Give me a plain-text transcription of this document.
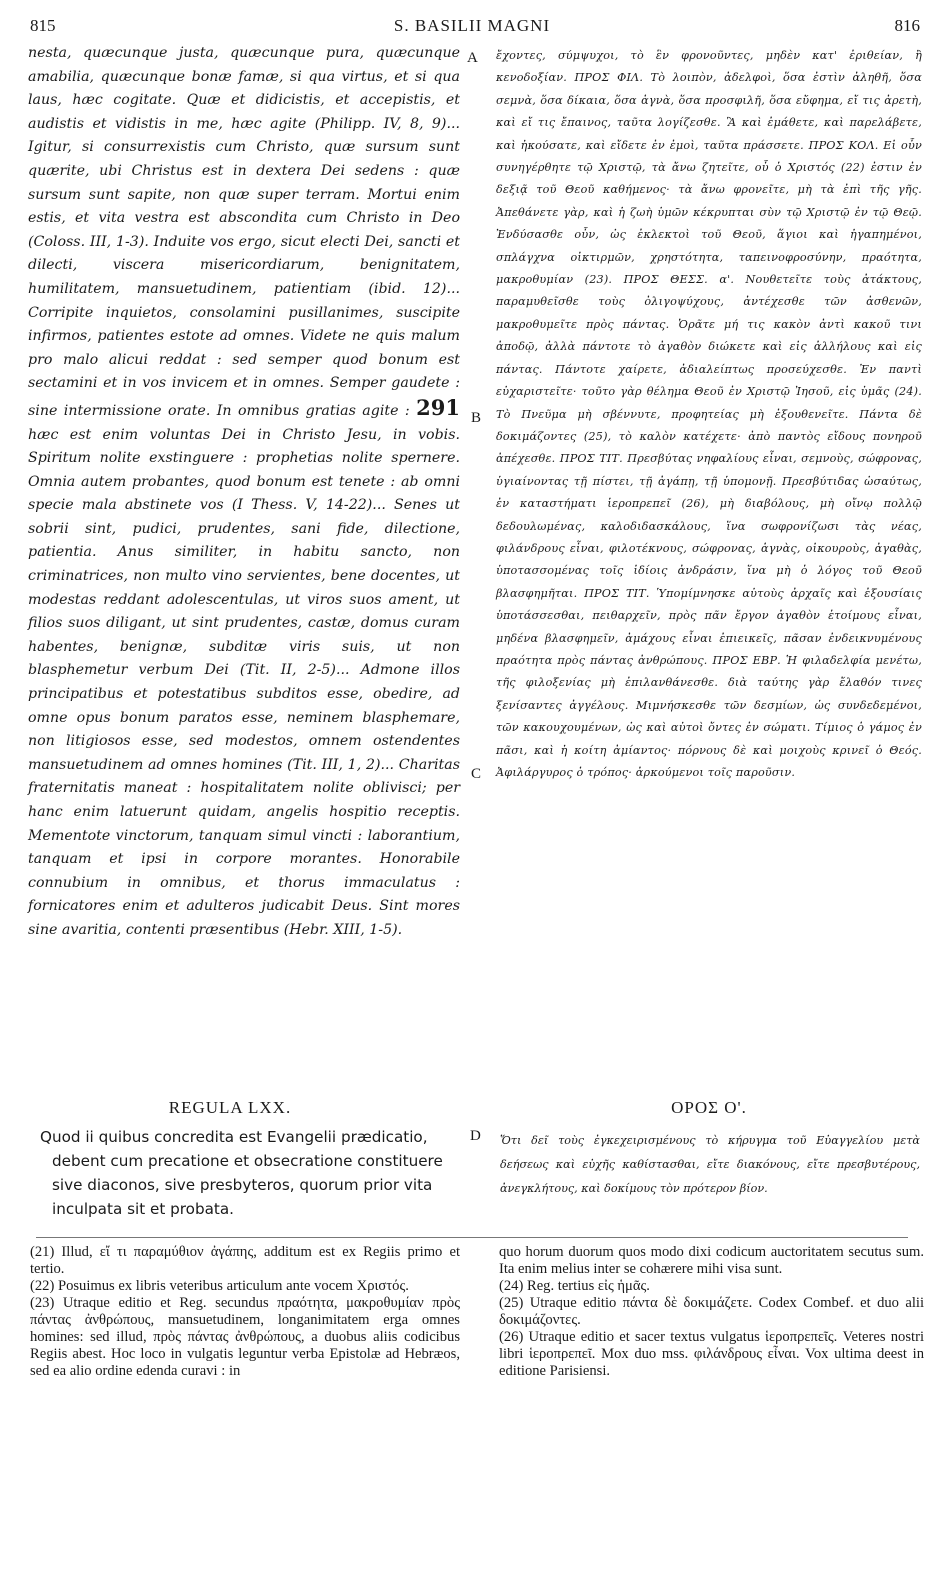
815	S. BASILII MAGNI	816

nesta, quæcunque justa, quæcunque pura, quæcunque amabilia, quæcunque bonæ famæ, si qua virtus, et si qua laus, hæc cogitate. Quæ et didicistis, et accepistis, et audistis et vidistis in me, hæc agite (Philipp. IV, 8, 9)... Igitur, si consurrexistis cum Christo, quæ sursum sunt quærite, ubi Christus est in dextera Dei sedens : quæ sursum sunt sapite, non quæ super terram. Mortui enim estis, et vita vestra est abscondita cum Christo in Deo (Coloss. III, 1-3). Induite vos ergo, sicut electi Dei, sancti et dilecti, viscera misericordiarum, benignitatem, humilitatem, mansuetudinem, patientiam (ibid. 12)... Corripite inquietos, consolamini pusillanimes, suscipite infirmos, patientes estote ad omnes. Videte ne quis malum pro malo alicui reddat : sed semper quod bonum est sectamini et in vos invicem et in omnes. Semper gaudete : sine intermissione orate. In omnibus gratias agite : 291 hæc est enim voluntas Dei in Christo Jesu, in vobis. Spiritum nolite exstinguere : prophetias nolite spernere. Omnia autem probantes, quod bonum est tenete : ab omni specie mala abstinete vos (I Thess. V, 14-22)... Senes ut sobrii sint, pudici, prudentes, sani fide, dilectione, patientia. Anus similiter, in habitu sancto, non criminatrices, non multo vino servientes, bene docentes, ut modestas reddant adolescentulas, ut viros suos ament, ut filios suos diligant, ut sint prudentes, castæ, domus curam habentes, benignæ, subditæ viris suis, ut non blasphemetur verbum Dei (Tit. II, 2-5)... Admone illos principatibus et potestatibus subditos esse, obedire, ad omne opus bonum paratos esse, neminem blasphemare, non litigiosos esse, sed modestos, omnem ostendentes mansuetudinem ad omnes homines (Tit. III, 1, 2)... Charitas fraternitatis maneat : hospitalitatem nolite oblivisci; per hanc enim latuerunt quidam, angelis hospitio receptis. Mementote vinctorum, tanquam simul vincti : laborantium, tanquam et ipsi in corpore morantes. Honorabile connubium in omnibus, et thorus immaculatus : fornicatores enim et adulteros judicabit Deus. Sint mores sine avaritia, contenti præsentibus (Hebr. XIII, 1-5).

A
B
C
D

ἔχοντες, σύμψυχοι, τὸ ἓν φρονοῦντες, μηδὲν κατ' ἐριθείαν, ἢ κενοδοξίαν. ΠΡΟΣ ΦΙΛ. Τὸ λοιπὸν, ἀδελφοὶ, ὅσα ἐστὶν ἀληθῆ, ὅσα σεμνὰ, ὅσα δίκαια, ὅσα ἁγνὰ, ὅσα προσφιλῆ, ὅσα εὔφημα, εἴ τις ἀρετὴ, καὶ εἴ τις ἔπαινος, ταῦτα λογίζεσθε. Ἃ καὶ ἐμάθετε, καὶ παρελάβετε, καὶ ἠκούσατε, καὶ εἴδετε ἐν ἐμοὶ, ταῦτα πράσσετε. ΠΡΟΣ ΚΟΛ. Εἰ οὖν συνηγέρθητε τῷ Χριστῷ, τὰ ἄνω ζητεῖτε, οὗ ὁ Χριστός (22) ἐστιν ἐν δεξιᾷ τοῦ Θεοῦ καθήμενος· τὰ ἄνω φρονεῖτε, μὴ τὰ ἐπὶ τῆς γῆς. Ἀπεθάνετε γὰρ, καὶ ἡ ζωὴ ὑμῶν κέκρυπται σὺν τῷ Χριστῷ ἐν τῷ Θεῷ. Ἐνδύσασθε οὖν, ὡς ἐκλεκτοὶ τοῦ Θεοῦ, ἅγιοι καὶ ἠγαπημένοι, σπλάγχνα οἰκτιρμῶν, χρηστότητα, ταπεινοφροσύνην, πραότητα, μακροθυμίαν (23). ΠΡΟΣ ΘΕΣΣ. α'. Νουθετεῖτε τοὺς ἀτάκτους, παραμυθεῖσθε τοὺς ὀλιγοψύχους, ἀντέχεσθε τῶν ἀσθενῶν, μακροθυμεῖτε πρὸς πάντας. Ὁρᾶτε μή τις κακὸν ἀντὶ κακοῦ τινι ἀποδῷ, ἀλλὰ πάντοτε τὸ ἀγαθὸν διώκετε καὶ εἰς ἀλλήλους καὶ εἰς πάντας. Πάντοτε χαίρετε, ἀδιαλείπτως προσεύχεσθε. Ἐν παντὶ εὐχαριστεῖτε· τοῦτο γὰρ θέλημα Θεοῦ ἐν Χριστῷ Ἰησοῦ, εἰς ὑμᾶς (24). Τὸ Πνεῦμα μὴ σβέννυτε, προφητείας μὴ ἐξουθενεῖτε. Πάντα δὲ δοκιμάζοντες (25), τὸ καλὸν κατέχετε· ἀπὸ παντὸς εἴδους πονηροῦ ἀπέχεσθε. ΠΡΟΣ ΤΙΤ. Πρεσβύτας νηφαλίους εἶναι, σεμνοὺς, σώφρονας, ὑγιαίνοντας τῇ πίστει, τῇ ἀγάπῃ, τῇ ὑπομονῇ. Πρεσβύτιδας ὡσαύτως, ἐν καταστήματι ἱεροπρεπεῖ (26), μὴ διαβόλους, μὴ οἴνῳ πολλῷ δεδουλωμένας, καλοδιδασκάλους, ἵνα σωφρονίζωσι τὰς νέας, φιλάνδρους εἶναι, φιλοτέκνους, σώφρονας, ἁγνὰς, οἰκουροὺς, ἀγαθὰς, ὑποτασσομένας τοῖς ἰδίοις ἀνδράσιν, ἵνα μὴ ὁ λόγος τοῦ Θεοῦ βλασφημῆται. ΠΡΟΣ ΤΙΤ. Ὑπομίμνησκε αὐτοὺς ἀρχαῖς καὶ ἐξουσίαις ὑποτάσσεσθαι, πειθαρχεῖν, πρὸς πᾶν ἔργον ἀγαθὸν ἑτοίμους εἶναι, μηδένα βλασφημεῖν, ἀμάχους εἶναι ἐπιεικεῖς, πᾶσαν ἐνδεικνυμένους πραότητα πρὸς πάντας ἀνθρώπους. ΠΡΟΣ ΕΒΡ. Ἡ φιλαδελφία μενέτω, τῆς φιλοξενίας μὴ ἐπιλανθάνεσθε. διὰ ταύτης γὰρ ἔλαθόν τινες ξενίσαντες ἀγγέλους. Μιμνήσκεσθε τῶν δεσμίων, ὡς συνδεδεμένοι, τῶν κακουχουμένων, ὡς καὶ αὐτοὶ ὄντες ἐν σώματι. Τίμιος ὁ γάμος ἐν πᾶσι, καὶ ἡ κοίτη ἀμίαντος· πόρνους δὲ καὶ μοιχοὺς κρινεῖ ὁ Θεός. Ἀφιλάργυρος ὁ τρόπος· ἀρκούμενοι τοῖς παροῦσιν.

REGULA LXX.

Quod ii quibus concredita est Evangelii prædicatio, debent cum precatione et obsecratione constituere sive diaconos, sive presbyteros, quorum prior vita inculpata sit et probata.

ΟΡΟΣ Ο'.

Ὅτι δεῖ τοὺς ἐγκεχειρισμένους τὸ κήρυγμα τοῦ Εὐαγγελίου μετὰ δεήσεως καὶ εὐχῆς καθίστασθαι, εἴτε διακόνους, εἴτε πρεσβυτέρους, ἀνεγκλήτους, καὶ δοκίμους τὸν πρότερον βίον.

(21) Illud, εἴ τι παραμύθιον ἀγάπης, additum est ex Regiis primo et tertio.

(22) Posuimus ex libris veteribus articulum ante vocem Χριστός.

(23) Utraque editio et Reg. secundus πραότητα, μακροθυμίαν πρὸς πάντας ἀνθρώπους, mansuetudinem, longanimitatem erga omnes homines: sed illud, πρὸς πάντας ἀνθρώπους, a duobus aliis codicibus Regiis abest. Hoc loco in vulgatis leguntur verba Epistolæ ad Hebræos, sed ea alio ordine edenda curavi : in

quo horum duorum quos modo dixi codicum auctoritatem secutus sum. Ita enim melius inter se cohærere mihi visa sunt.

(24) Reg. tertius εἰς ἡμᾶς.

(25) Utraque editio πάντα δὲ δοκιμάζετε. Codex Combef. et duo alii δοκιμάζοντες.

(26) Utraque editio et sacer textus vulgatus ἱεροπρεπεῖς. Veteres nostri libri ἱεροπρεπεῖ. Mox duo mss. φιλάνδρους εἶναι. Vox ultima deest in editione Parisiensi.
